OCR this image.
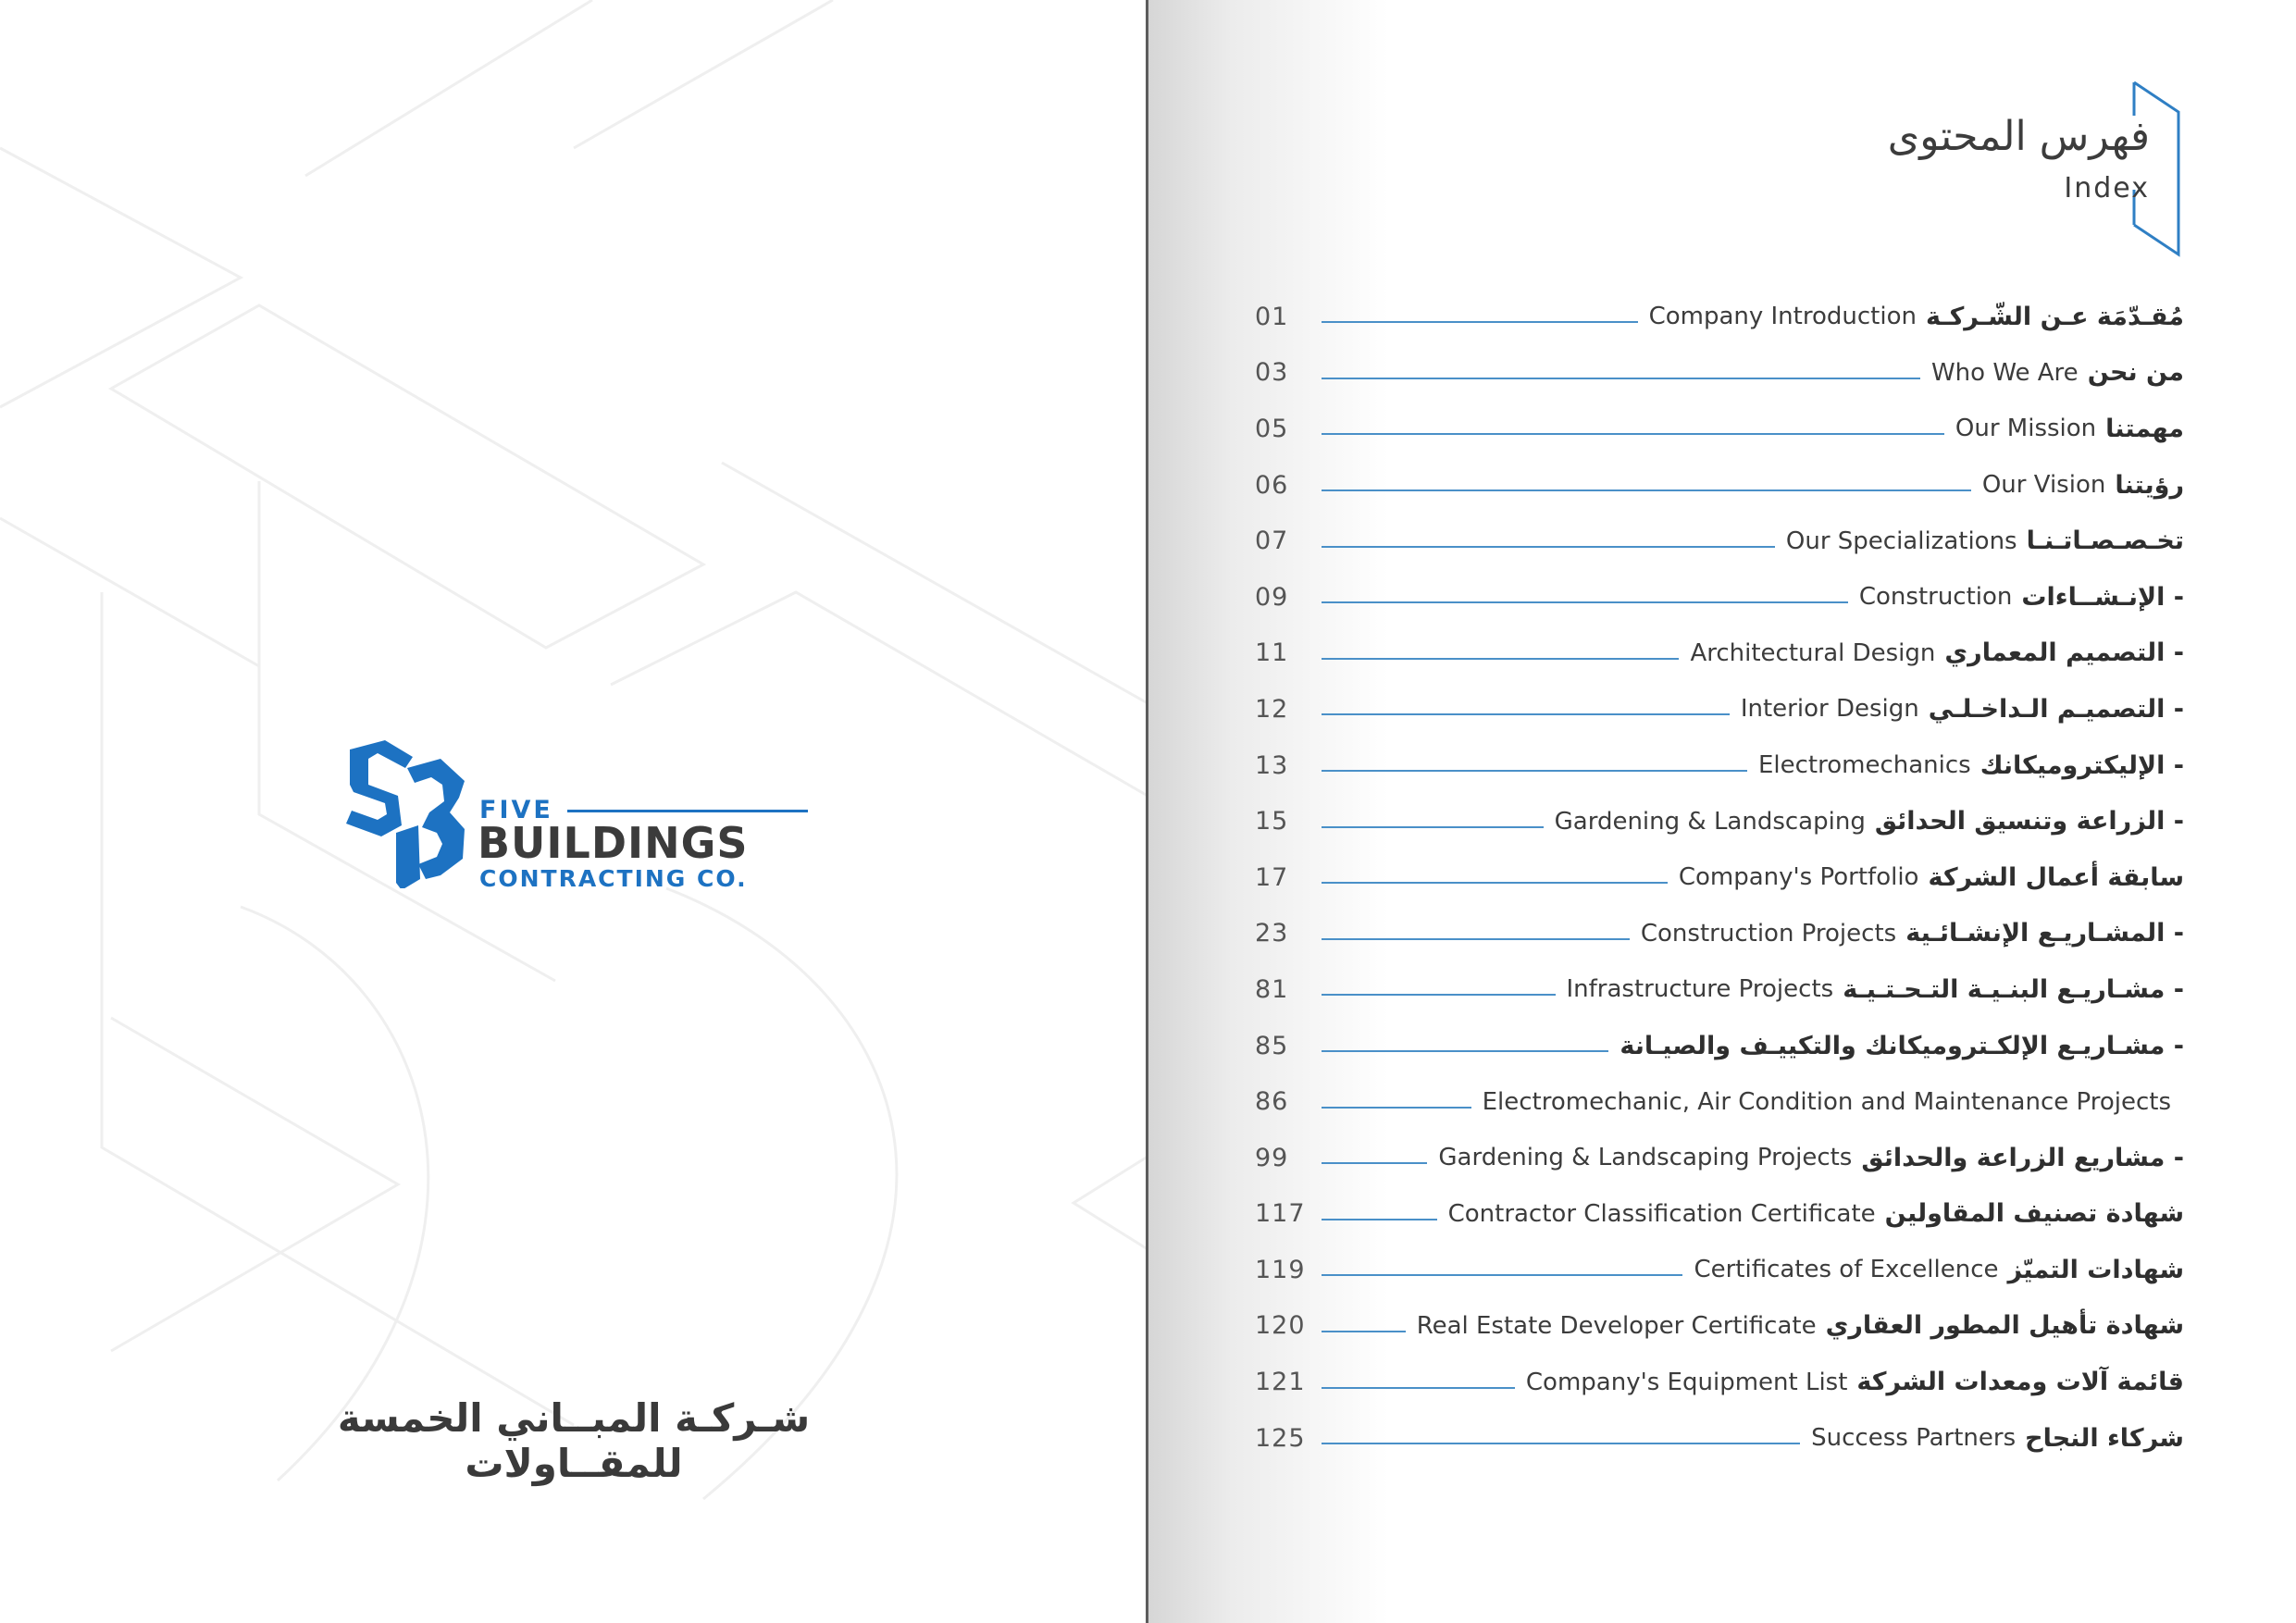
FIVE
BUILDINGS
CONTRACTING CO.
شـركـة المبــاني الخمسة للمقــاولات
فهرس المحتوى
Index
01	Company Introduction مُقـدّمَة عـن الشّـركـة
03	Who We Are من نحن
05	Our Mission مهمتنا
06	Our Vision رؤيتنا
07	Our Specializations تخـصـصـاتـنـا
09	Construction - الإنـشــاءات
11	Architectural Design - التصميم المعماري
12	Interior Design - التصميـم الـداخـلـي
13	Electromechanics - الإليكتروميكانك
15	Gardening & Landscaping - الزراعة وتنسيق الحدائق
17	Company's Portfolio سابقة أعمال الشركة
23	Construction Projects - المشـاريـع الإنشـائـية
81	Infrastructure Projects - مشـاريـع البنـيـة التـحـتـيـة
85	- مشـاريـع الإلكـتروميكانك والتكييـف والصيـانة
86	Electromechanic, Air Condition and Maintenance Projects
99	Gardening & Landscaping Projects - مشاريع الزراعة والحدائق
117	Contractor Classification Certificate شهادة تصنيف المقاولين
119	Certificates of Excellence شهادات التميّز
120	Real Estate Developer Certificate شهادة تأهيل المطور العقاري
121	Company's Equipment List قائمة آلات ومعدات الشركة
125	Success Partners شركاء النجاح
